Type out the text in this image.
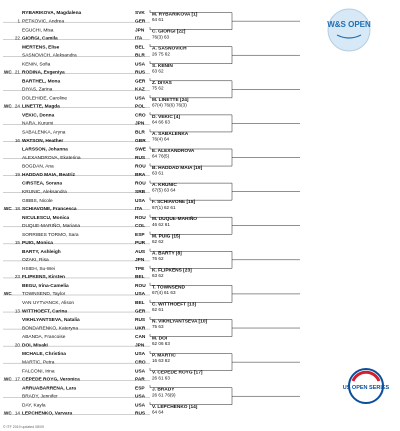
1
RYBARIKOVA, Magdalena	SVK
PETKOVIC, Andrea	GER
M. RYBARIKOVA [1]
64 61
22
EGUCHI, Misa	JPN
GIORGI, Camila	ITA
C. GIORGI [22]
76(3) 63
MERTENS, Elise	BEL
SASNOVICH, Aleksandra	BLR
A. SASNOVICH
26 75 62
21
WC
KENIN, Sofia	USA
RODINA, Evgeniya	RUS
S. KENIN
63 62
BARTHEL, Mona	GER
DIYAS, Zarina	KAZ
Z. DIYAS
75 62
24
WC
DOLEHIDE, Caroline	USA
LINETTE, Magda	POL
M. LINETTE [24]
67(4) 76(6) 76(3)
VEKIC, Donna	CRO
NARA, Kurumi	JPN
D. VEKIC [4]
64 66 63
16
SABALENKA, Aryna	BLR
WATSON, Heather	GBR
A. SABALENKA
76(4) 64
LARSSON, Johanna	SWE
ALEXANDROVA, Ekaterina	RUS
E. ALEXANDROVA
64 76(5)
19
BOGDAN, Ana	ROU
HADDAD MAIA, Beatriz	BRA
B. HADDAD MAIA [19]
63 61
CIRSTEA, Sorana	ROU
KRUNIC, Aleksandra	SRB
A. KRUNIC
67(5) 63 64
18
WC
GIBBS, Nicole	USA
SCHIAVONE, Francesca	ITA
F. SCHIAVONE [18]
67(1) 62 61
NICULESCU, Monica	ROU
DUQUE-MARIÑO, Mariana	COL
M. DUQUE-MARIÑO
46 62 61
15
SORRIBES TORMO, Sara	ESP
PUIG, Monica	PUR
M. PUIG [15]
62 62
BARTY, Ashleigh	AUS
OZAKI, Risa	JPN
A. BARTY [8]
76 62
23
HSIEH, Su-Wei	TPE
FLIPKENS, Kirsten	BEL
K. FLIPKENS [23]
63 62
WC
BEGU, Irina-Camelia	ROU
TOWNSEND, Taylor	USA
T. TOWNSEND
67(4) 61 63
13
VAN UYTVANCK, Alison	BEL
WITTHOEFT, Carina	GER
C. WITTHOEFT [13]
62 61
VIKHLYANTSEVA, Natalia	RUS
BONDARENKO, Kateryna	UKR
N. VIKHLYANTSEVA [10]
75 63
20
ABANDA, Francoise	CAN
DOI, Misaki	JPN
M. DOI
62 06 63
MCHALE, Christina	USA
MARTIC, Petra	CRO
P. MARTIC
16 63 62
17
WC
FALCONI, Irina	USA
CEPEDE ROYG, Veronica	PAR
V. CEPEDE ROYG [17]
26 61 63
ARRUABARRENA, Lara	ESP
BRADY, Jennifer	USA
J. BRADY
26 61 76(9)
14
WC
DAY, Kayla	USA
LEPCHENKO, Varvara	RUS
V. LEPCHENKO [14]
64 64
W&S OPEN
US OPEN SERIES
© ITF 2019 updated 08/09
